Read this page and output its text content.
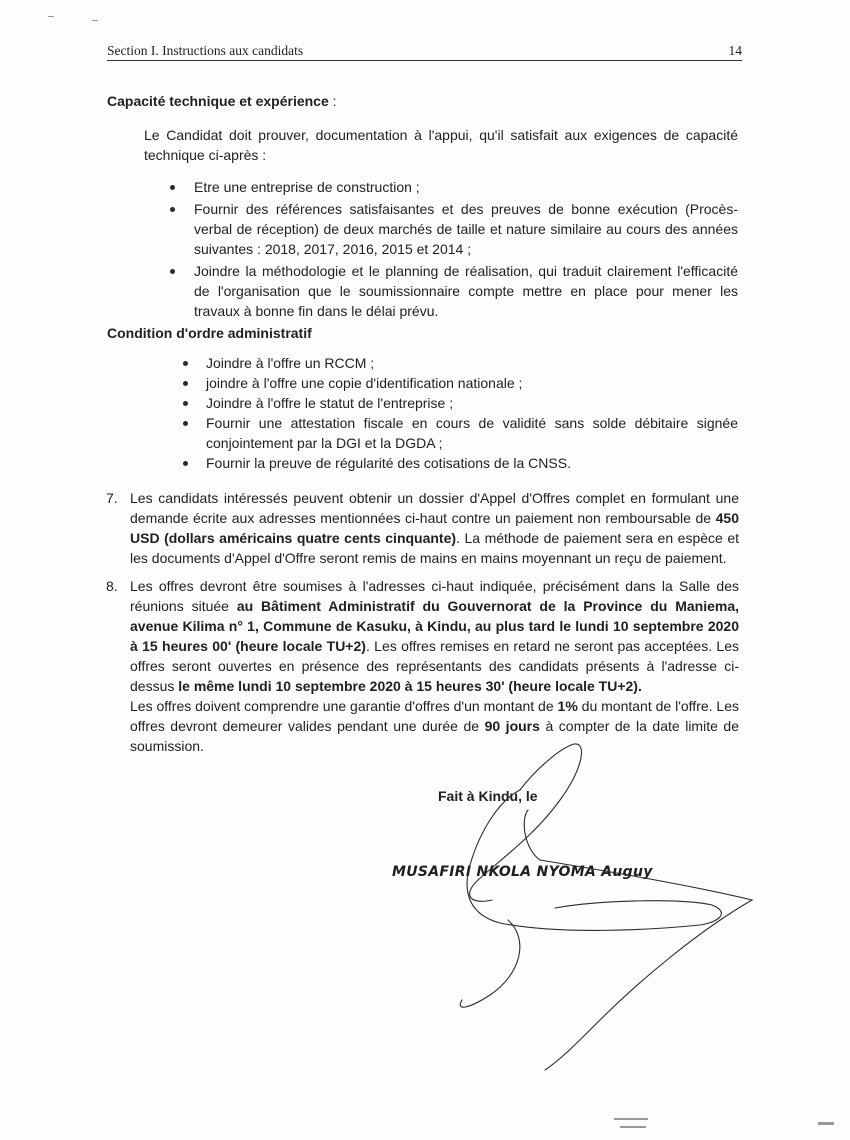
Section I. Instructions aux candidats	14
Capacité technique et expérience :
Le Candidat doit prouver, documentation à l'appui, qu'il satisfait aux exigences de capacité technique ci-après :
Etre une entreprise de construction ;
Fournir des références satisfaisantes et des preuves de bonne exécution (Procès-verbal de réception) de deux marchés de taille et nature similaire au cours des années suivantes : 2018, 2017, 2016, 2015 et 2014 ;
Joindre la méthodologie et le planning de réalisation, qui traduit clairement l'efficacité de l'organisation que le soumissionnaire compte mettre en place pour mener les travaux à bonne fin dans le délai prévu.
Condition d'ordre administratif
Joindre à l'offre un RCCM ;
joindre à l'offre une copie d'identification nationale ;
Joindre à l'offre le statut de l'entreprise ;
Fournir une attestation fiscale en cours de validité sans solde débitaire signée conjointement par la DGI et la DGDA ;
Fournir la preuve de régularité des cotisations de la CNSS.
7. Les candidats intéressés peuvent obtenir un dossier d'Appel d'Offres complet en formulant une demande écrite aux adresses mentionnées ci-haut contre un paiement non remboursable de 450 USD (dollars américains quatre cents cinquante). La méthode de paiement sera en espèce et les documents d'Appel d'Offre seront remis de mains en mains moyennant un reçu de paiement.
8. Les offres devront être soumises à l'adresses ci-haut indiquée, précisément dans la Salle des réunions située au Bâtiment Administratif du Gouvernorat de la Province du Maniema, avenue Kilima n° 1, Commune de Kasuku, à Kindu, au plus tard le lundi 10 septembre 2020 à 15 heures 00' (heure locale TU+2). Les offres remises en retard ne seront pas acceptées. Les offres seront ouvertes en présence des représentants des candidats présents à l'adresse ci-dessus le même lundi 10 septembre 2020 à 15 heures 30' (heure locale TU+2).
Les offres doivent comprendre une garantie d'offres d'un montant de 1% du montant de l'offre. Les offres devront demeurer valides pendant une durée de 90 jours à compter de la date limite de soumission.
Fait à Kindu, le
MUSAFIRI NKOLA NYOMA Auguy
